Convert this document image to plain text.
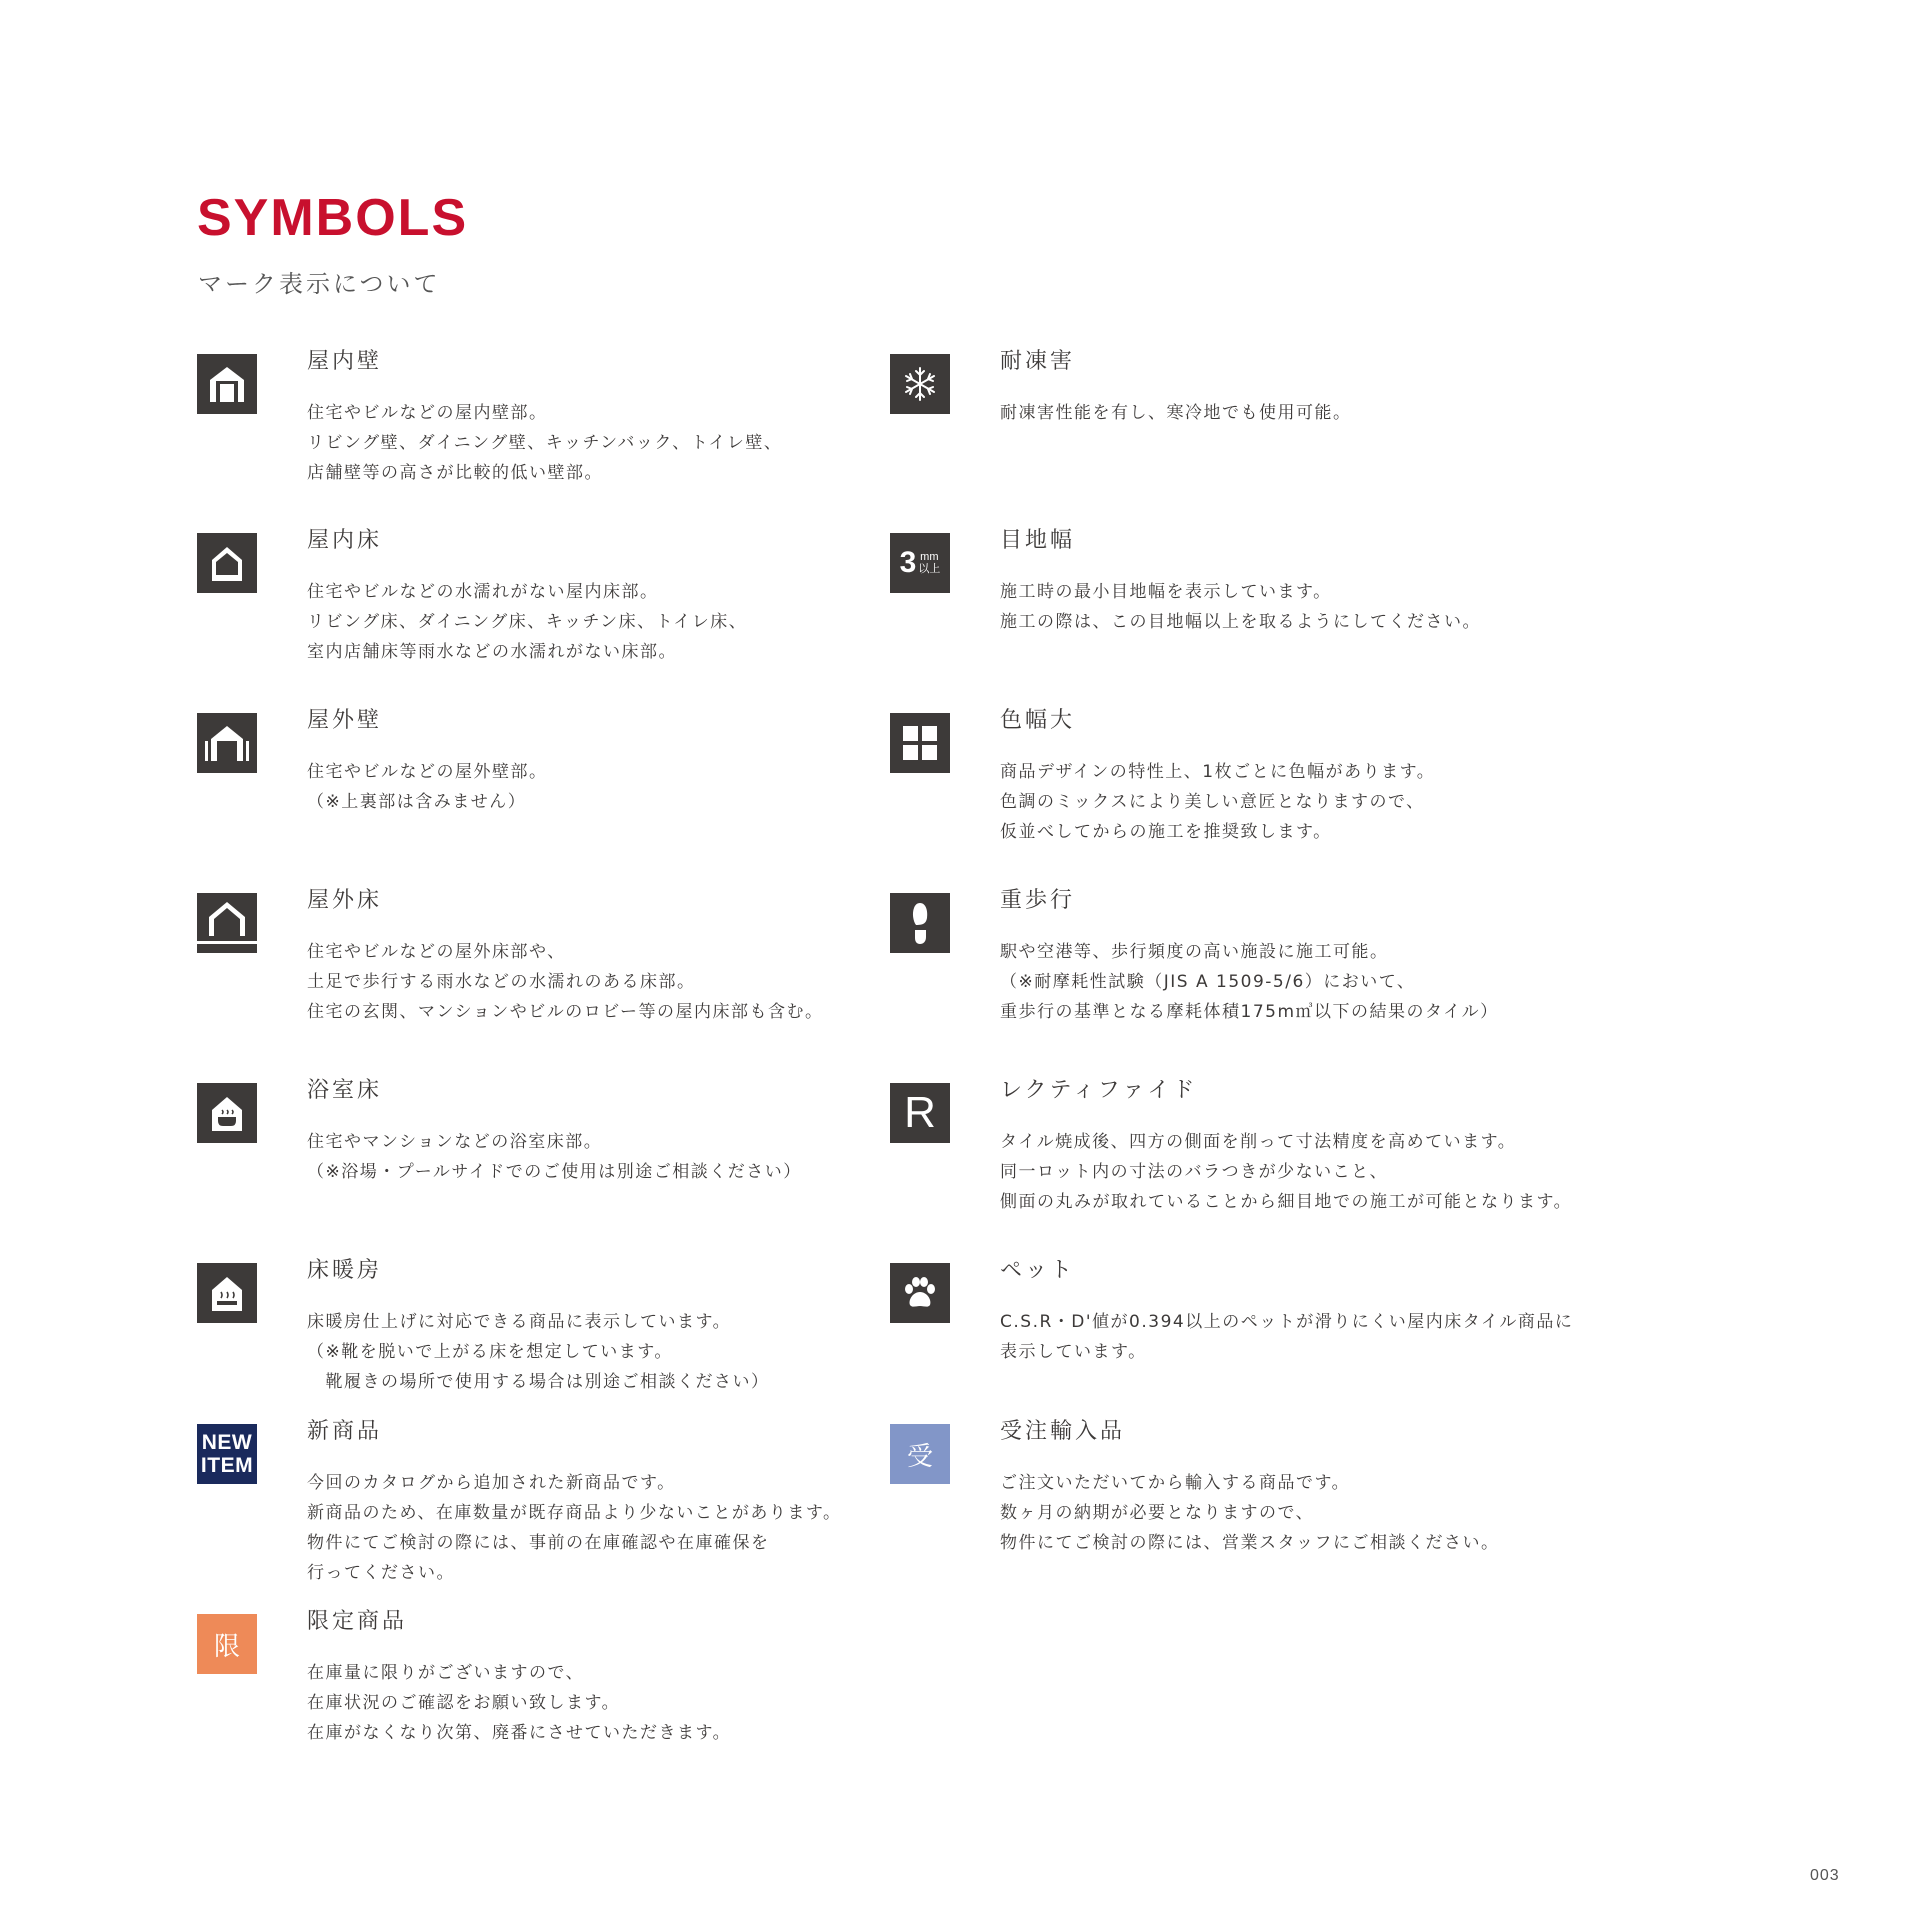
SYMBOLS
マーク表示について
屋内壁

住宅やビルなどの屋内壁部。
リビング壁、ダイニング壁、キッチンバック、トイレ壁、
店舗壁等の高さが比較的低い壁部。

屋内床

住宅やビルなどの水濡れがない屋内床部。
リビング床、ダイニング床、キッチン床、トイレ床、
室内店舗床等雨水などの水濡れがない床部。

屋外壁

住宅やビルなどの屋外壁部。
（※上裏部は含みません）

屋外床

住宅やビルなどの屋外床部や、
土足で歩行する雨水などの水濡れのある床部。
住宅の玄関、マンションやビルのロビー等の屋内床部も含む。

浴室床

住宅やマンションなどの浴室床部。
（※浴場・プールサイドでのご使用は別途ご相談ください）

床暖房

床暖房仕上げに対応できる商品に表示しています。
（※靴を脱いで上がる床を想定しています。
　靴履きの場所で使用する場合は別途ご相談ください）

NEW
ITEM
新商品

今回のカタログから追加された新商品です。
新商品のため、在庫数量が既存商品より少ないことがあります。
物件にてご検討の際には、事前の在庫確認や在庫確保を
行ってください。

限
限定商品

在庫量に限りがございますので、
在庫状況のご確認をお願い致します。
在庫がなくなり次第、廃番にさせていただきます。

耐凍害

耐凍害性能を有し、寒冷地でも使用可能。

3 mm
以上
目地幅

施工時の最小目地幅を表示しています。
施工の際は、この目地幅以上を取るようにしてください。

色幅大

商品デザインの特性上、1枚ごとに色幅があります。
色調のミックスにより美しい意匠となりますので、
仮並べしてからの施工を推奨致します。

重歩行

駅や空港等、歩行頻度の高い施設に施工可能。
（※耐摩耗性試験（JIS A 1509-5/6）において、
重歩行の基準となる摩耗体積175m㎥以下の結果のタイル）

R	レクティファイド

タイル焼成後、四方の側面を削って寸法精度を高めています。
同一ロット内の寸法のバラつきが少ないこと、
側面の丸みが取れていることから細目地での施工が可能となります。

ペット

C.S.R・D'値が0.394以上のペットが滑りにくい屋内床タイル商品に
表示しています。

受
受注輸入品

ご注文いただいてから輸入する商品です。
数ヶ月の納期が必要となりますので、
物件にてご検討の際には、営業スタッフにご相談ください。

003
